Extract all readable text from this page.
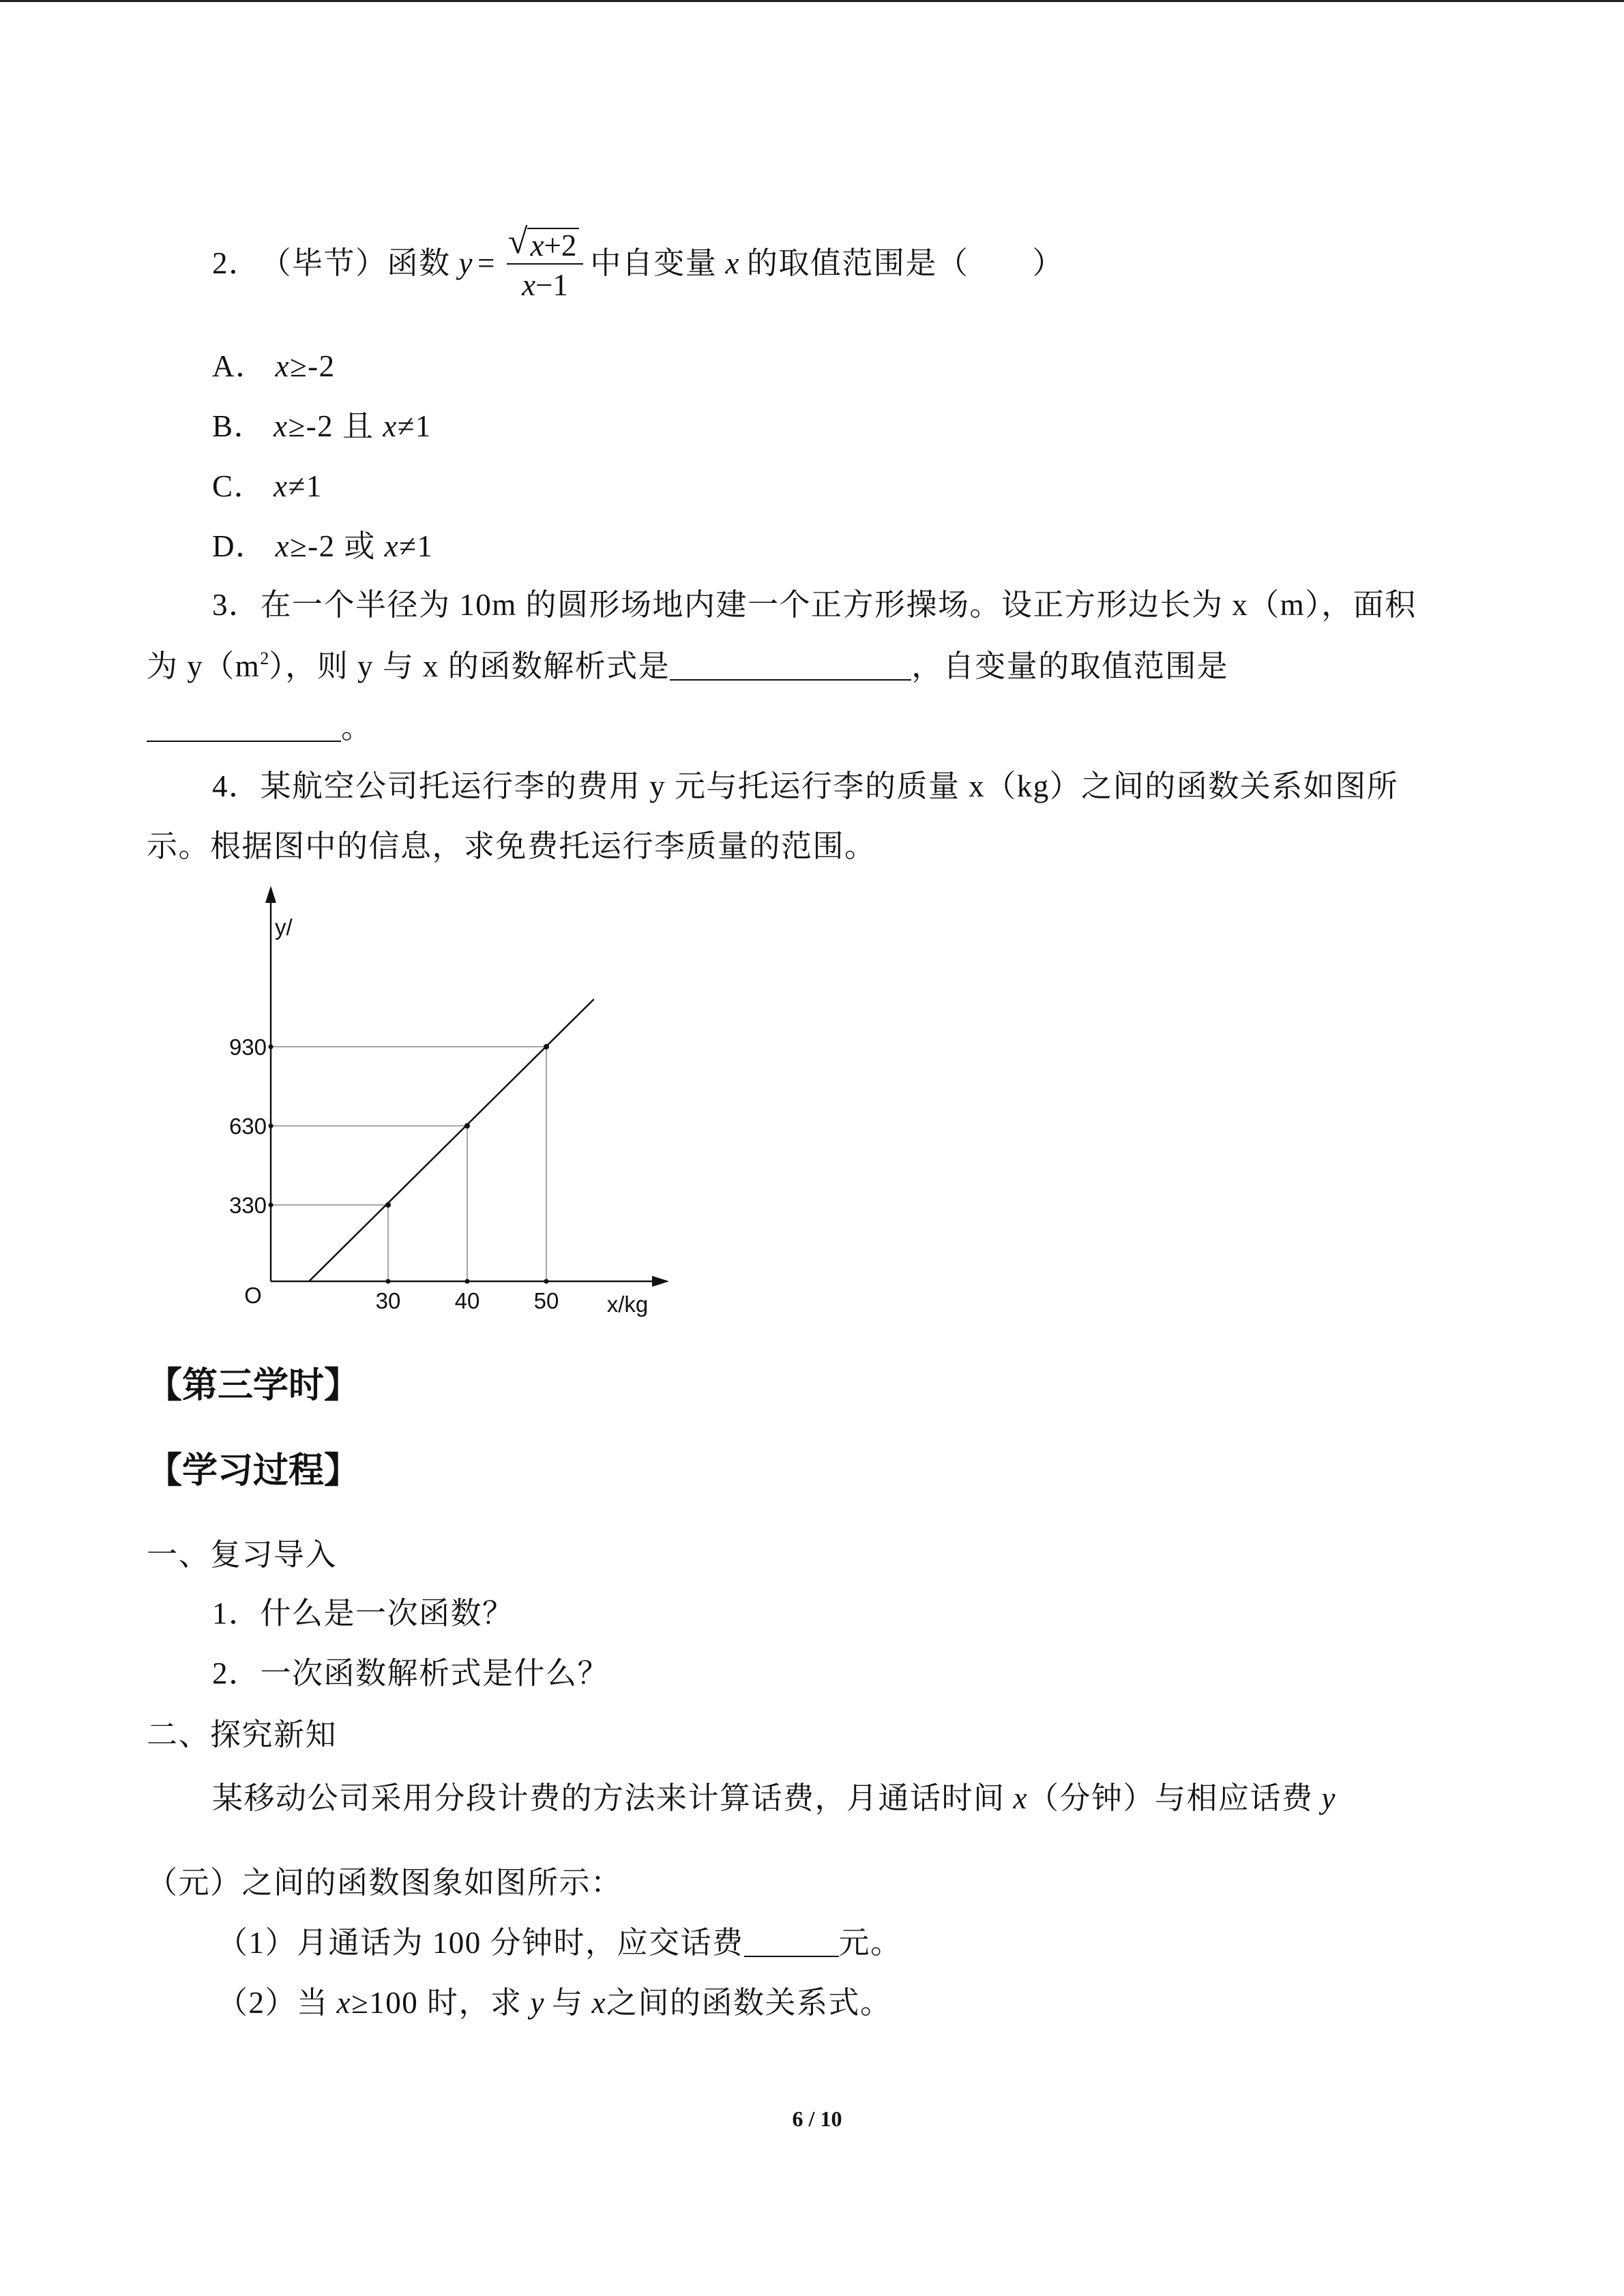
2． （毕节）函数 $y = \frac{√ x+2}{x-1}$ 中自变量 x 的取值范围是（　　）
A． x≥-2
B． x≥-2 且 x≠1
C． x≠1
D． x≥-2 或 x≠1
3．在一个半径为 10m 的圆形场地内建一个正方形操场。设正方形边长为 x（m），面积
为 $y(m^2)$，则 y 与 x 的函数解析式是	，自变量的取值范围是
。
4．某航空公司托运行李的费用 y 元与托运行李的质量 x（kg）之间的函数关系如图所
示。根据图中的信息，求免费托运行李质量的范围。
330
630
930
30 40 50
O	x/kg
y/
【第三学时】
【学习过程】
一、复习导入
1．什么是一次函数？
2．一次函数解析式是什么？
二、探究新知
某移动公司采用分段计费的方法来计算话费，月通话时间 x（分钟）与相应话费 y
（元）之间的函数图象如图所示：
（1）月通话为 100 分钟时，应交话费	元。
（2）当 x≥100 时，求 y 与 x之间的函数关系式。
6 / 10
